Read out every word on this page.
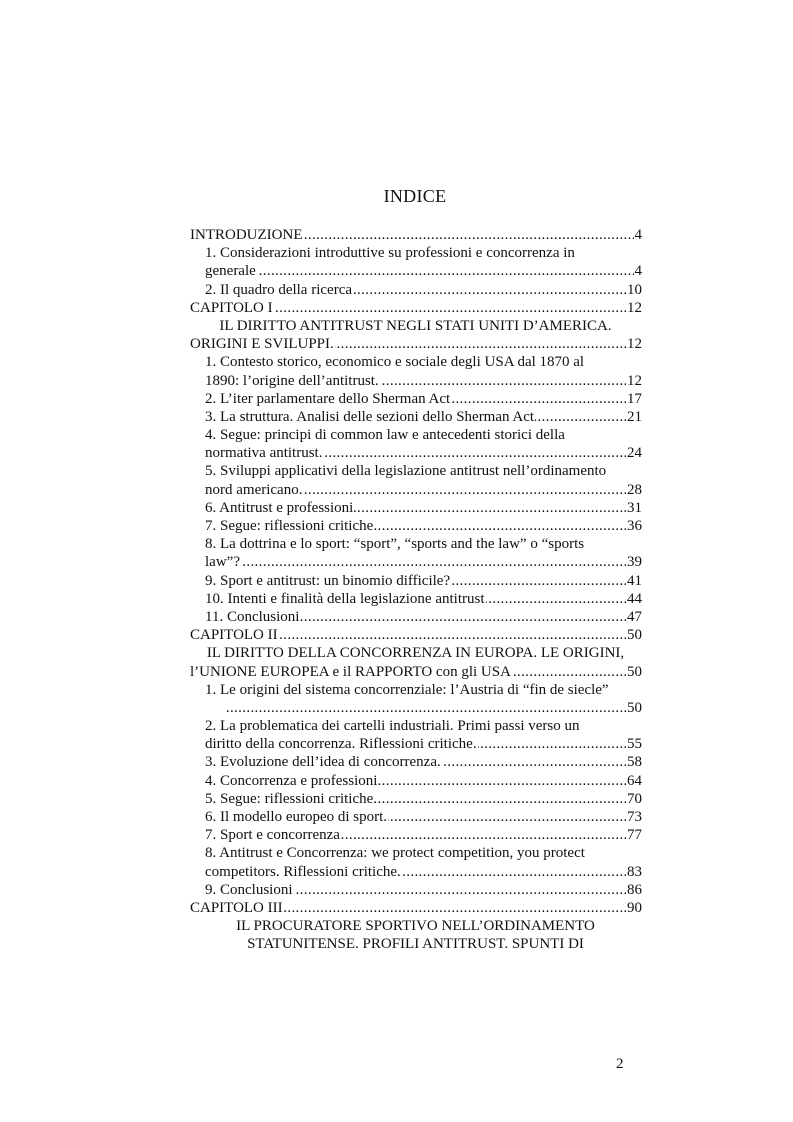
INDICE
. . . INTRODUZIONE	4
1. Considerazioni introduttive su professioni e concorrenza in
. . . generale	4
. . . 2. Il quadro della ricerca	10
. . . CAPITOLO I	12
IL DIRITTO ANTITRUST NEGLI STATI UNITI D’AMERICA.
. . . ORIGINI E SVILUPPI.	12
1. Contesto storico, economico e sociale degli USA dal 1870 al
. . . 1890: l’origine dell’antitrust.	12
. . . 2. L’iter parlamentare dello Sherman Act	17
. . . 3. La struttura. Analisi delle sezioni dello Sherman Act	21
4. Segue: principi di common law e antecedenti storici della
. . . normativa antitrust.	24
5. Sviluppi applicativi della legislazione antitrust nell’ordinamento
. . . nord americano.	28
. . . 6. Antitrust e professioni	31
. . . 7. Segue: riflessioni critiche	36
8. La dottrina e lo sport: “sport”, “sports and the law” o “sports
. . . law”?	39
. . . 9. Sport e antitrust: un binomio difficile?	41
. . . 10. Intenti e finalità della legislazione antitrust	44
. . . 11. Conclusioni	47
. . . CAPITOLO II	50
IL DIRITTO DELLA CONCORRENZA IN EUROPA. LE ORIGINI,
. . . l’UNIONE EUROPEA e il RAPPORTO con gli USA	50
1. Le origini del sistema concorrenziale: l’Austria di “fin de siecle”
. . . 50
2. La problematica dei cartelli industriali. Primi passi verso un
. . . diritto della concorrenza. Riflessioni critiche.	55
. . . 3. Evoluzione dell’idea di concorrenza.	58
. . . 4. Concorrenza e professioni.	64
. . . 5. Segue: riflessioni critiche.	70
. . . 6. Il modello europeo di sport.	73
. . . 7. Sport e concorrenza	77
8. Antitrust e Concorrenza: we protect competition, you protect
. . . competitors. Riflessioni critiche.	83
. . . 9. Conclusioni	86
. . . CAPITOLO III	90
IL PROCURATORE SPORTIVO NELL’ORDINAMENTO
STATUNITENSE. PROFILI ANTITRUST. SPUNTI DI
2
